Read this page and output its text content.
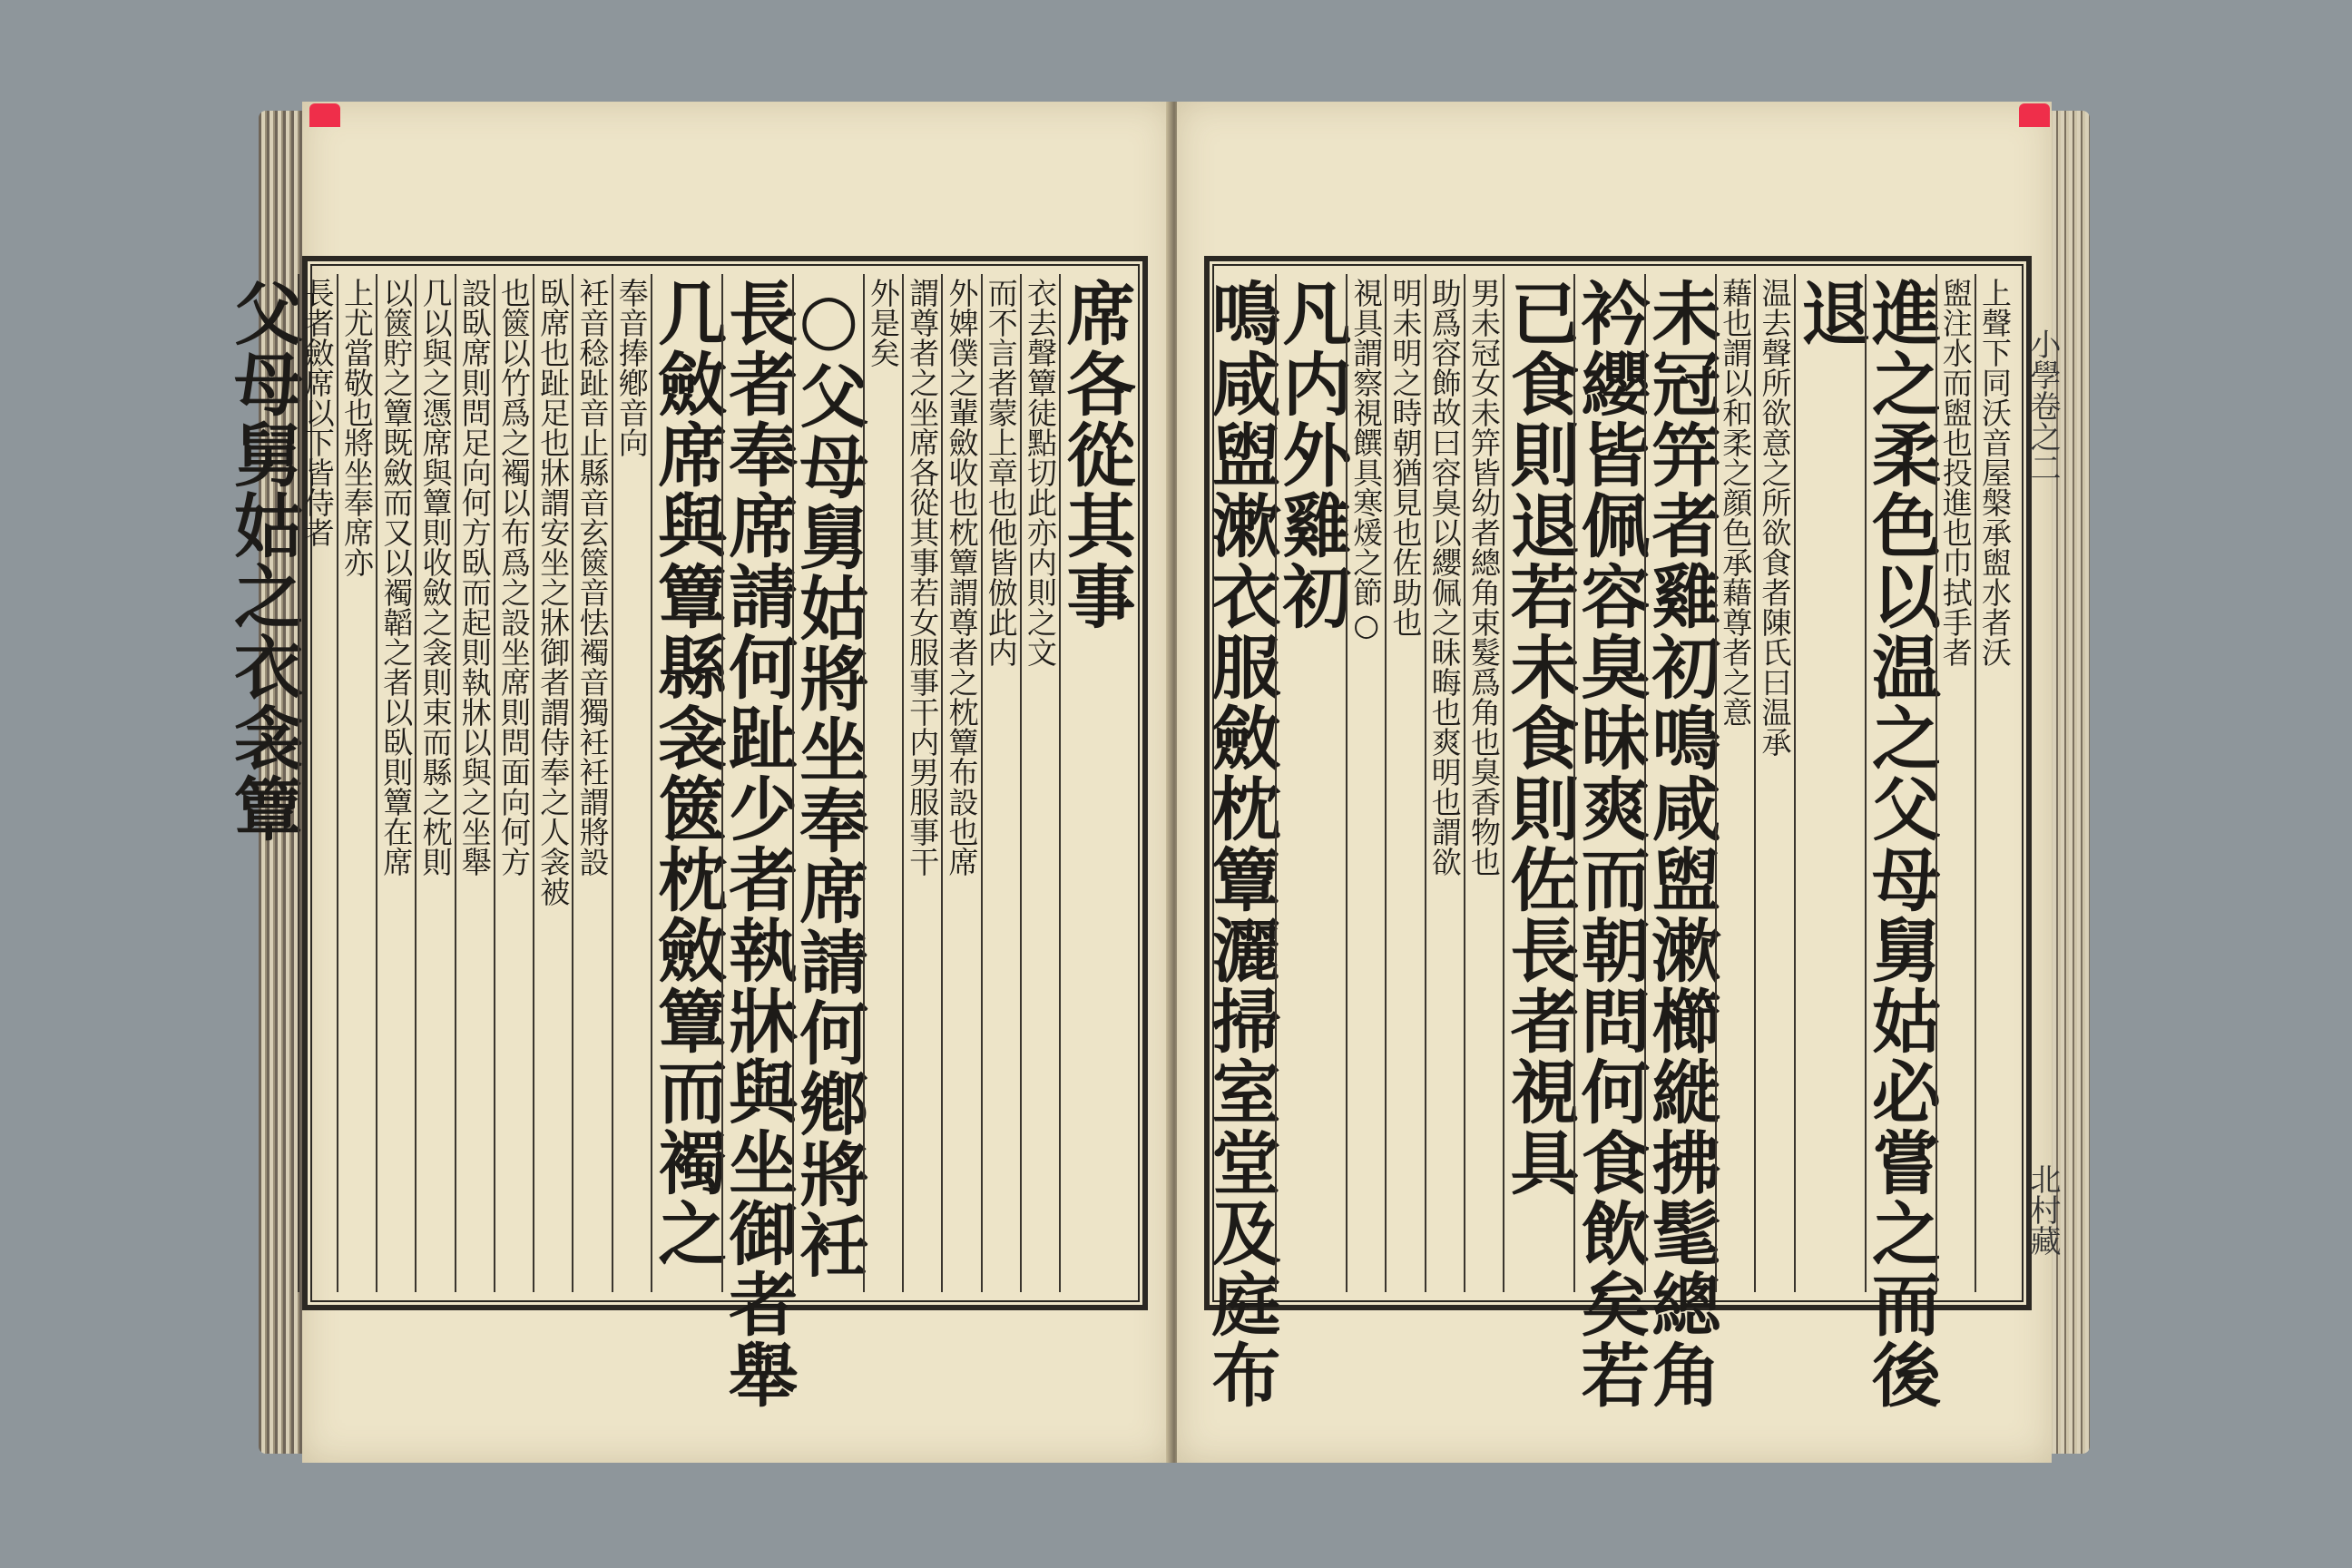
席各從其事
衣去聲簟徒點切此亦内則之文
而不言者蒙上章也他皆倣此内
外婢僕之輩斂收也枕簟謂尊者之枕簟布設也席
謂尊者之坐席各從其事若女服事干内男服事干
外是矣
○父母舅姑將坐奉席請何鄕將衽
長者奉席請何趾少者執牀與坐御者舉
几斂席與簟縣衾篋枕斂簟而襡之
奉音捧鄕音向
衽音稔趾音止縣音玄篋音怯襡音獨衽衽謂將設
臥席也趾足也牀謂安坐之牀御者謂侍奉之人衾被
也篋以竹爲之襡以布爲之設坐席則問面向何方
設臥席則問足向何方臥而起則執牀以與之坐舉
几以與之憑席與簟則收斂之衾則束而縣之枕則
以篋貯之簟既斂而又以襡韜之者以臥則簟在席
上尤當敬也將坐奉席亦
長者斂席以下皆侍者
父母舅姑之衣衾簟	上聲下同沃音屋槃承盥水者沃
盥注水而盥也投進也巾拭手者
進之柔色以温之父母舅姑必嘗之而後
退
温去聲所欲意之所欲食者陳氏曰温承
藉也謂以和柔之顔色承藉尊者之意
未冠笄者雞初鳴咸盥漱櫛縰拂髦總角
衿纓皆佩容臭昧爽而朝問何食飲矣若
已食則退若未食則佐長者視具
男未冠女未笄皆幼者總角束髮爲角也臭香物也
助爲容飾故曰容臭以纓佩之昧晦也爽明也謂欲
明未明之時朝猶見也佐助也
視具謂察視饌具寒煖之節○
凡内外雞初
鳴咸盥漱衣服斂枕簟灑掃室堂及庭布	小學卷之二
北村藏
